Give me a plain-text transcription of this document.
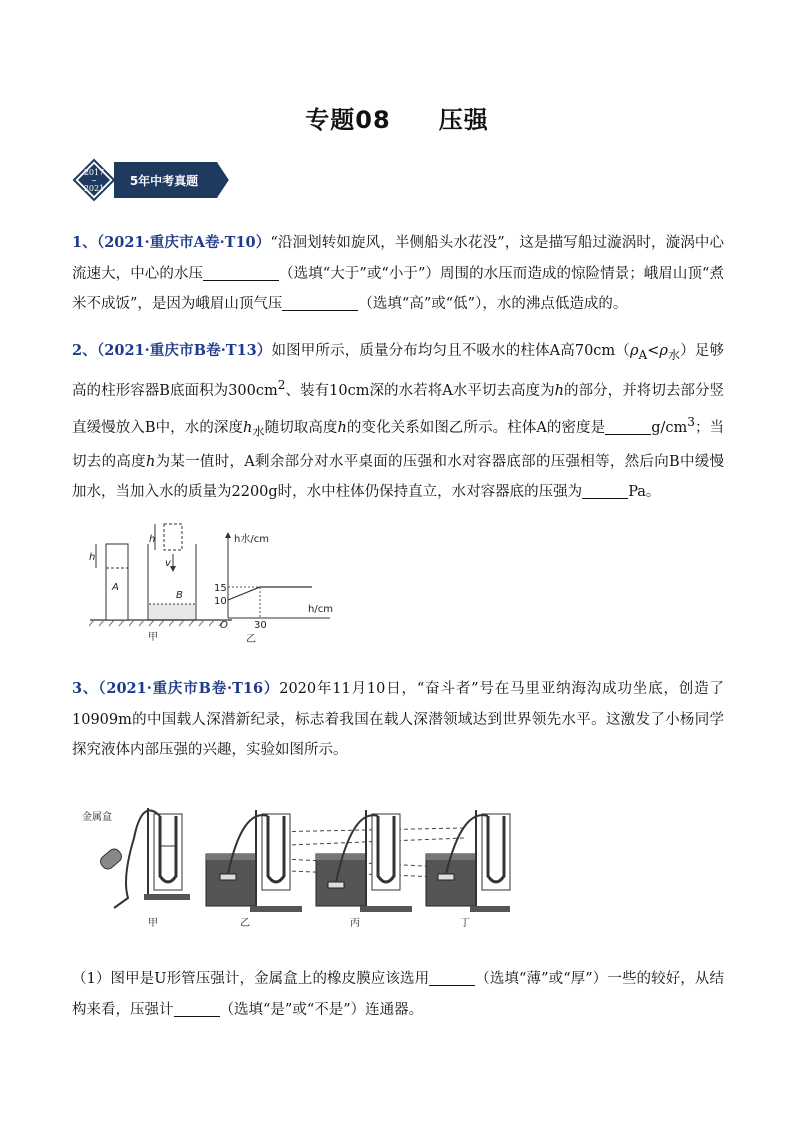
专题08 压强
2017
~
2021
5年中考真题
1、（2021·重庆市A卷·T10）“沿洄划转如旋风，半侧船头水花没”，这是描写船过漩涡时，漩涡中心流速大，中心的水压	（选填“大于”或“小于”）周围的水压而造成的惊险情景；峨眉山顶“煮米不成饭”，是因为峨眉山顶气压	（选填“高”或“低”），水的沸点低造成的。
2、（2021·重庆市B卷·T13）如图甲所示，质量分布均匀且不吸水的柱体A高$70cm(\rho_A<\rho_水)$足够高的柱形容器B底面积为$300cm^2$、装有10cm深的水若将A水平切去高度为h的部分，并将切去部分竖直缓慢放入B中，水的深度$h_水$随切取高度h的变化关系如图乙所示。柱体A的密度是	$g/cm^3$；当切去的高度h为某一值时，A剩余部分对水平桌面的压强和水对容器底部的压强相等，然后向B中缓慢加水，当加入水的质量为2200g时，水中柱体仍保持直立，水对容器底的压强为	Pa。
h
A
h
v
B
甲
h水/cm
h/cm
15
10
O	30
乙
3、（2021·重庆市B卷·T16）2020年11月10日，“奋斗者”号在马里亚纳海沟成功坐底，创造了10909m的中国载人深潜新纪录，标志着我国在载人深潜领域达到世界领先水平。这激发了小杨同学探究液体内部压强的兴趣，实验如图所示。
金属盒
甲	乙	丙	丁
（1）图甲是U形管压强计，金属盒上的橡皮膜应该选用	（选填“薄”或“厚”）一些的较好，从结构来看，压强计	（选填“是”或“不是”）连通器。
